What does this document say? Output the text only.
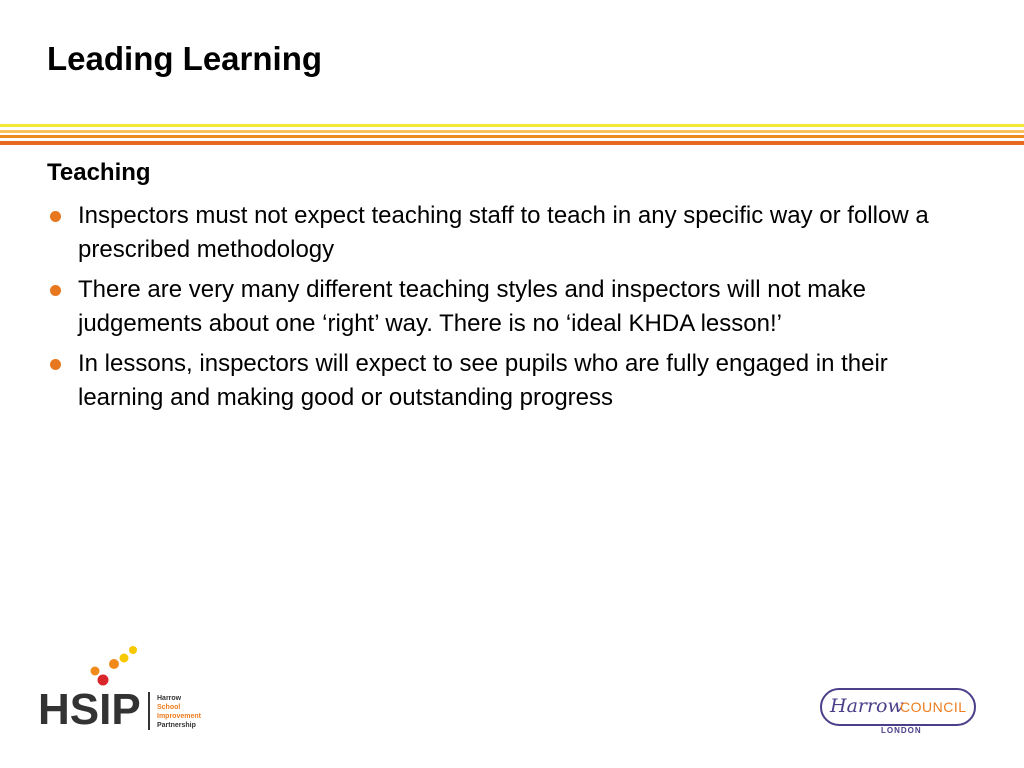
Leading Learning
Teaching
Inspectors must not expect teaching staff to teach in any specific way or follow a prescribed methodology
There are very many different teaching styles and inspectors will not make judgements about one ‘right’ way. There is no ‘ideal KHDA lesson!’
In lessons, inspectors will expect to see pupils who are fully engaged in their learning and making good or outstanding progress
HSIP Harrow
School
Improvement
Partnership
Harrow
COUNCIL
LONDON
